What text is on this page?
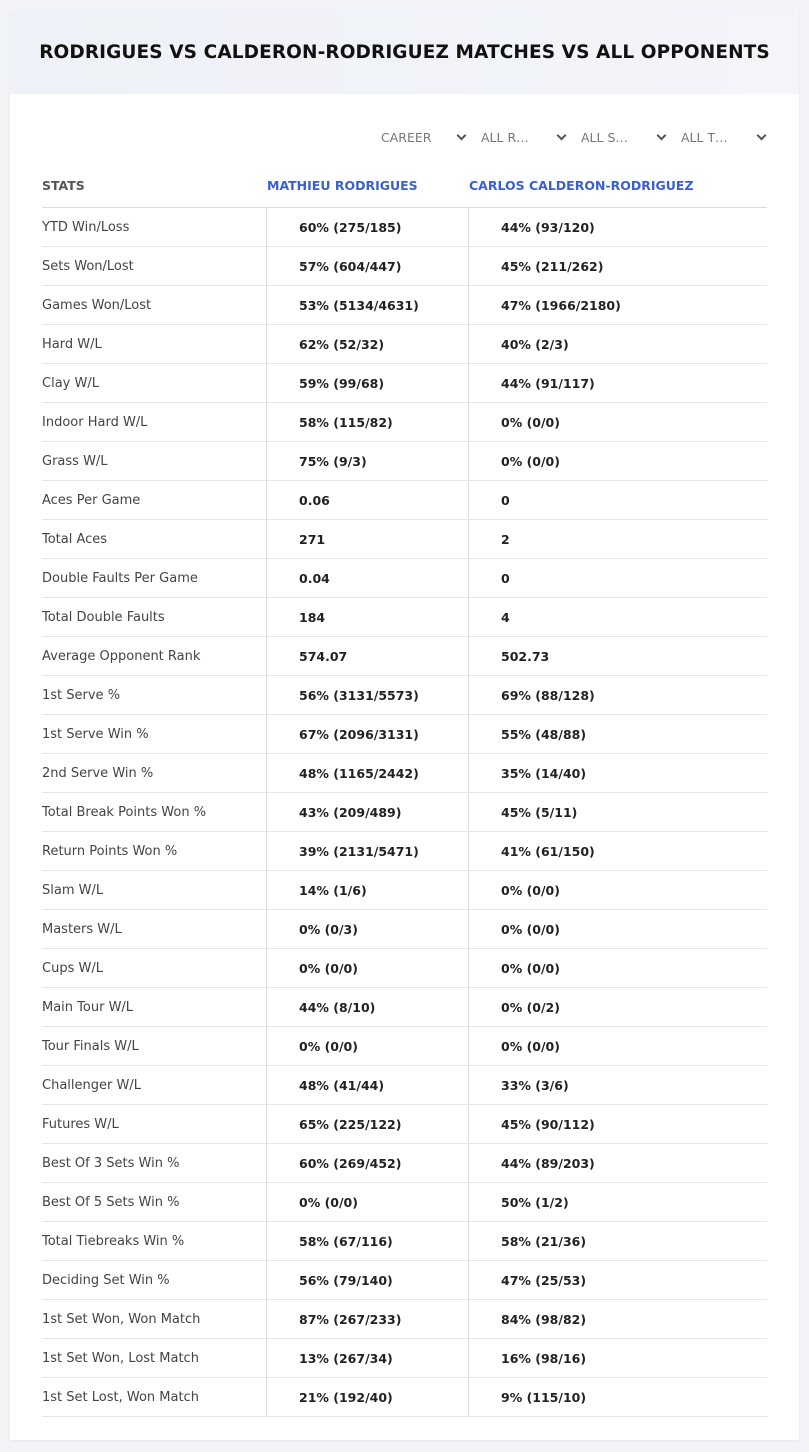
RODRIGUES VS CALDERON-RODRIGUEZ MATCHES VS ALL OPPONENTS
CAREER	ALL R…	ALL S…	ALL T…
STATS	MATHIEU RODRIGUES	CARLOS CALDERON-RODRIGUEZ
YTD Win/Loss	60% (275/185)	44% (93/120)
Sets Won/Lost	57% (604/447)	45% (211/262)
Games Won/Lost	53% (5134/4631)	47% (1966/2180)
Hard W/L	62% (52/32)	40% (2/3)
Clay W/L	59% (99/68)	44% (91/117)
Indoor Hard W/L	58% (115/82)	0% (0/0)
Grass W/L	75% (9/3)	0% (0/0)
Aces Per Game	0.06	0
Total Aces	271	2
Double Faults Per Game	0.04	0
Total Double Faults	184	4
Average Opponent Rank	574.07	502.73
1st Serve %	56% (3131/5573)	69% (88/128)
1st Serve Win %	67% (2096/3131)	55% (48/88)
2nd Serve Win %	48% (1165/2442)	35% (14/40)
Total Break Points Won %	43% (209/489)	45% (5/11)
Return Points Won %	39% (2131/5471)	41% (61/150)
Slam W/L	14% (1/6)	0% (0/0)
Masters W/L	0% (0/3)	0% (0/0)
Cups W/L	0% (0/0)	0% (0/0)
Main Tour W/L	44% (8/10)	0% (0/2)
Tour Finals W/L	0% (0/0)	0% (0/0)
Challenger W/L	48% (41/44)	33% (3/6)
Futures W/L	65% (225/122)	45% (90/112)
Best Of 3 Sets Win %	60% (269/452)	44% (89/203)
Best Of 5 Sets Win %	0% (0/0)	50% (1/2)
Total Tiebreaks Win %	58% (67/116)	58% (21/36)
Deciding Set Win %	56% (79/140)	47% (25/53)
1st Set Won, Won Match	87% (267/233)	84% (98/82)
1st Set Won, Lost Match	13% (267/34)	16% (98/16)
1st Set Lost, Won Match	21% (192/40)	9% (115/10)
